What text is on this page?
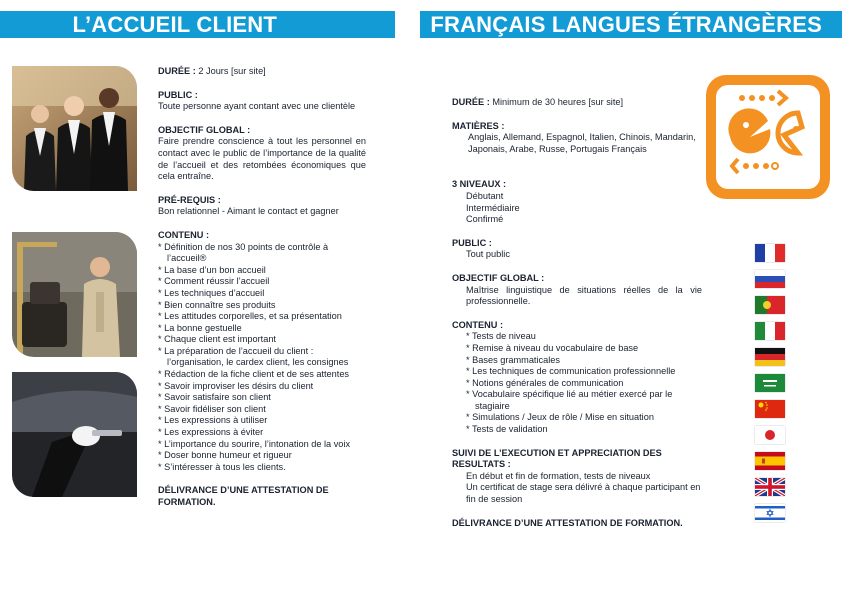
L’ACCUEIL CLIENT	FRANÇAIS LANGUES ÉTRANGÈRES

DURÉE : 2 Jours [sur site]

PUBLIC :

Toute personne ayant contant avec une clientèle

OBJECTIF GLOBAL :

Faire prendre conscience à tout les personnel en contact avec le public de l’importance de la qualité de l’accueil et des retombées économiques que cela entraîne.

PRÉ-REQUIS :

Bon relationnel - Aimant le contact et gagner

CONTENU :

* Définition de nos 30 points de contrôle à l’accueil®
* La base d’un bon accueil
* Comment réussir l’accueil
* Les techniques d’accueil
* Bien connaître ses produits
* Les attitudes corporelles, et sa présentation
* La bonne gestuelle
* Chaque client est important
* La préparation de l’accueil du client : l’organisation, le cardex client, les consignes
* Rédaction de la fiche client et de ses attentes
* Savoir improviser les désirs du client
* Savoir satisfaire son client
* Savoir fidéliser son client
* Les expressions à utiliser
* Les expressions à éviter
* L’importance du sourire, l’intonation de la voix
* Doser bonne humeur et rigueur
* S’intéresser à tous les clients.

DÉLIVRANCE D’UNE ATTESTATION DE FORMATION.

DURÉE : Minimum de 30 heures [sur site]

MATIÈRES :

Anglais, Allemand, Espagnol, Italien, Chinois, Mandarin, Japonais, Arabe, Russe, Portugais Français

3 NIVEAUX :

Débutant

Intermédiaire

Confirmé

PUBLIC :

Tout public

OBJECTIF GLOBAL :

Maîtrise linguistique de situations réelles de la vie professionnelle.

CONTENU :

* Tests de niveau
* Remise à niveau du vocabulaire de base
* Bases grammaticales
* Les techniques de communication professionnelle
* Notions générales de communication
* Vocabulaire spécifique lié au métier exercé par le stagiaire
* Simulations / Jeux de rôle / Mise en situation
* Tests de validation

SUIVI DE L’EXECUTION ET APPRECIATION DES RESULTATS :

En début et fin de formation, tests de niveaux

Un certificat de stage sera délivré à chaque participant en fin de session

DÉLIVRANCE D’UNE ATTESTATION DE FORMATION.
